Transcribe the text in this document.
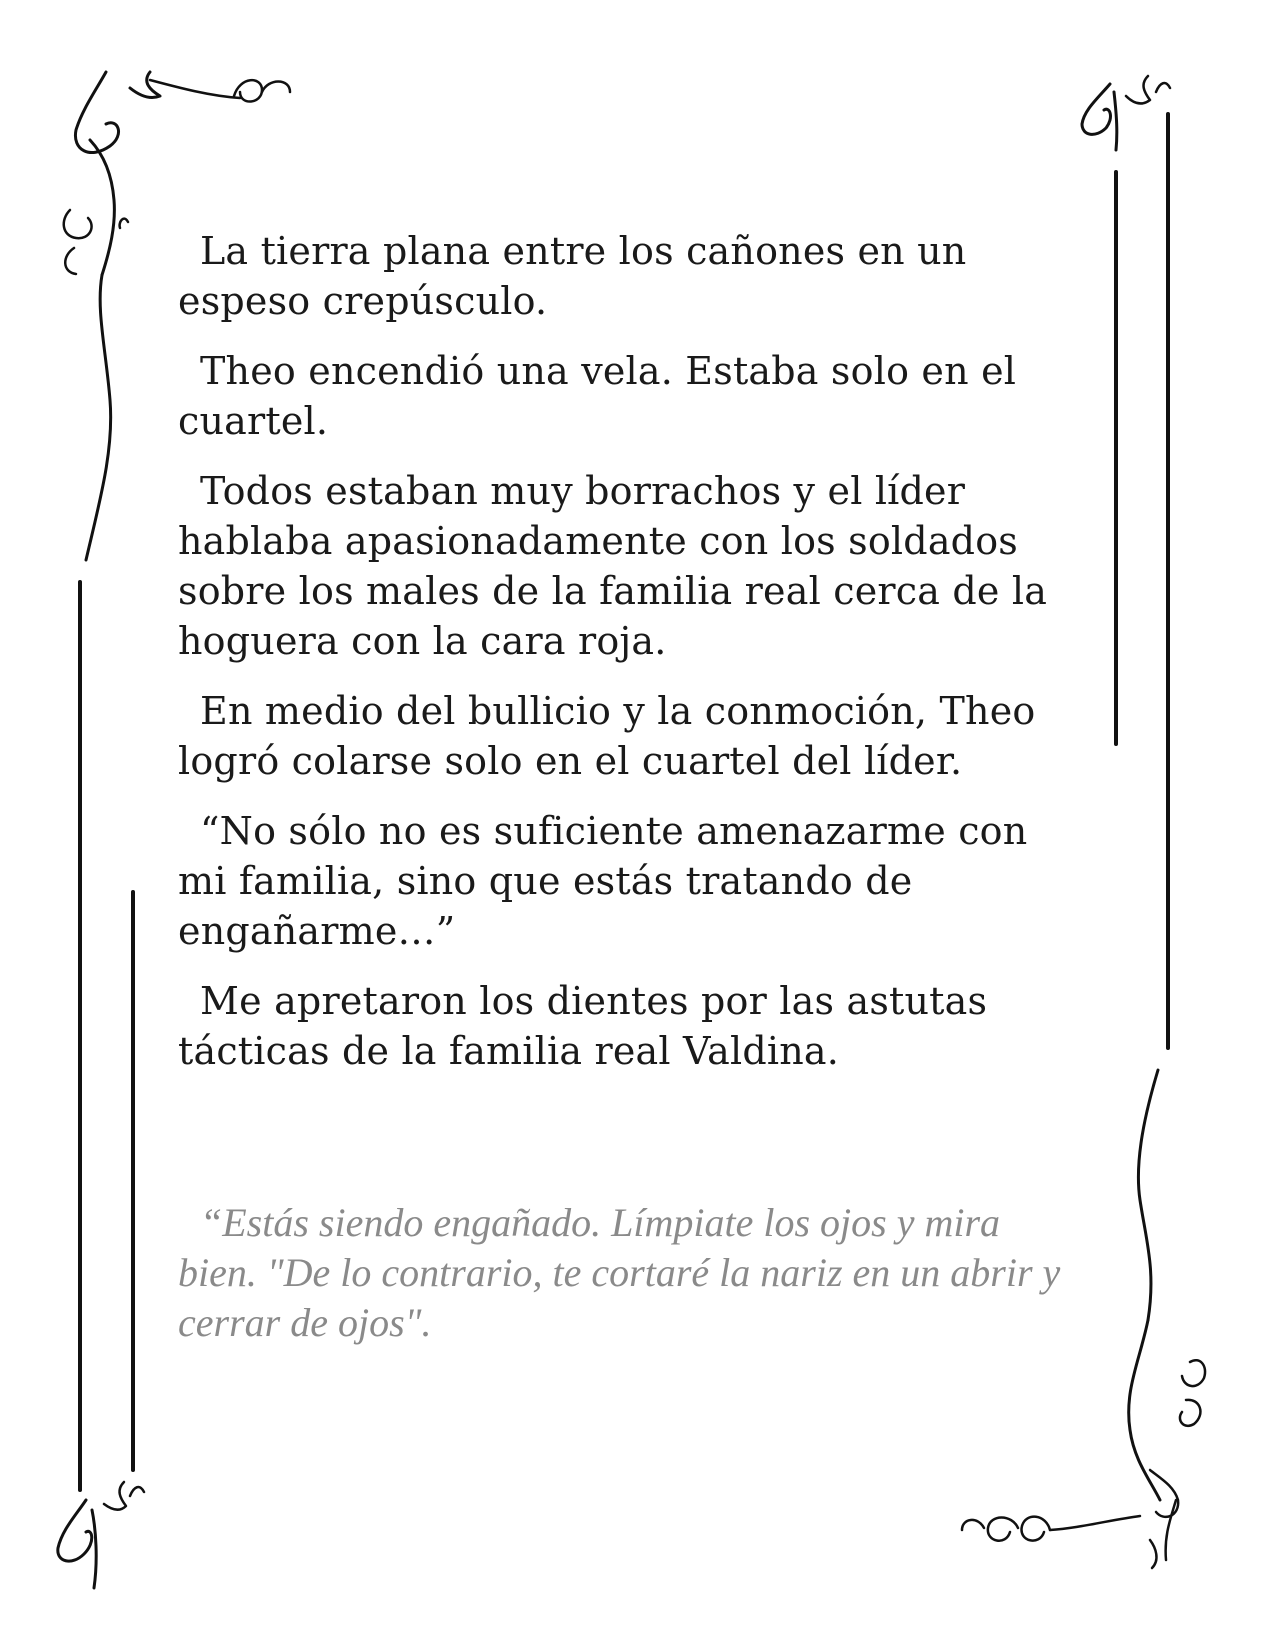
La tierra plana entre los cañones en un espeso crepúsculo.

Theo encendió una vela. Estaba solo en el cuartel.

Todos estaban muy borrachos y el líder hablaba apasionadamente con los soldados sobre los males de la familia real cerca de la hoguera con la cara roja.

En medio del bullicio y la conmoción, Theo logró colarse solo en el cuartel del líder.

“No sólo no es suficiente amenazarme con mi familia, sino que estás tratando de engañarme…”

Me apretaron los dientes por las astutas tácticas de la familia real Valdina.

“Estás siendo engañado. Límpiate los ojos y mira bien. "De lo contrario, te cortaré la nariz en un abrir y cerrar de ojos".
